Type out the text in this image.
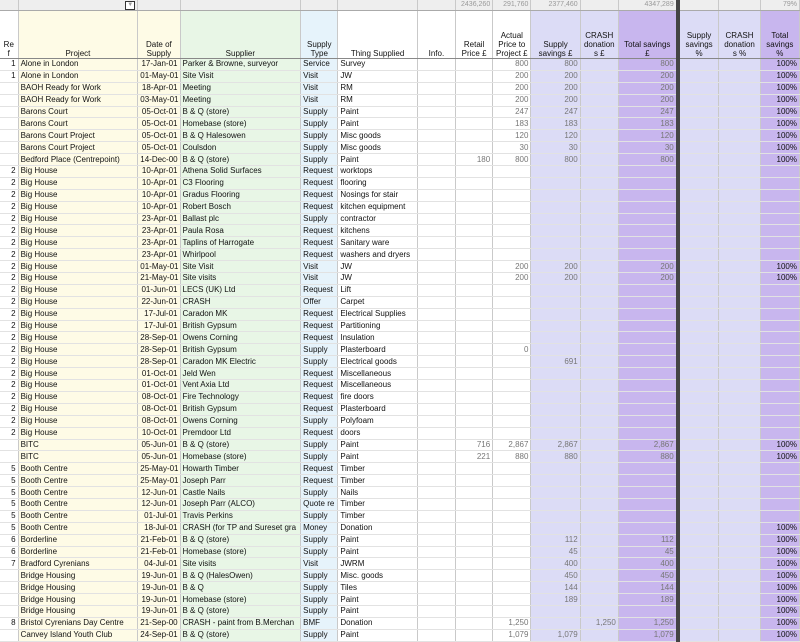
	▼						2436,260	291,760	2377,460		4347,289			79%
Re f	Project	Date of Supply	Supplier	Supply Type	Thing Supplied	Info.	Retail Price £	Actual Price to Project £	Supply savings £	CRASH donation s £	Total savings £	Supply savings %	CRASH donation s %	Total savings %
1	Alone in London	17-Jan-01	Parker & Browne, surveyor	Service	Survey			800	800		800			100%
1	Alone in London	01-May-01	Site Visit	Visit	JW			200	200		200			100%
	BAOH Ready for Work	18-Apr-01	Meeting	Visit	RM			200	200		200			100%
	BAOH Ready for Work	03-May-01	Meeting	Visit	RM			200	200		200			100%
	Barons Court	05-Oct-01	B & Q (store)	Supply	Paint			247	247		247			100%
	Barons Court	05-Oct-01	Homebase (store)	Supply	Paint			183	183		183			100%
	Barons Court Project	05-Oct-01	B & Q Halesowen	Supply	Misc goods			120	120		120			100%
	Barons Court Project	05-Oct-01	Coulsdon	Supply	Misc goods			30	30		30			100%
	Bedford Place (Centrepoint)	14-Dec-00	B & Q (store)	Supply	Paint		180	800	800		800			100%
2	Big House	10-Apr-01	Athena Solid Surfaces	Request	worktops									
2	Big House	10-Apr-01	C3 Flooring	Request	flooring									
2	Big House	10-Apr-01	Gradus Flooring	Request	Nosings for stair									
2	Big House	10-Apr-01	Robert Bosch	Request	kitchen equipment									
2	Big House	23-Apr-01	Ballast plc	Supply	contractor									
2	Big House	23-Apr-01	Paula Rosa	Request	kitchens									
2	Big House	23-Apr-01	Taplins of Harrogate	Request	Sanitary ware									
2	Big House	23-Apr-01	Whirlpool	Request	washers and dryers									
2	Big House	01-May-01	Site Visit	Visit	JW			200	200		200			100%
2	Big House	21-May-01	Site visits	Visit	JW			200	200		200			100%
2	Big House	01-Jun-01	LECS (UK) Ltd	Request	Lift									
2	Big House	22-Jun-01	CRASH	Offer	Carpet									
2	Big House	17-Jul-01	Caradon MK	Request	Electrical Supplies									
2	Big House	17-Jul-01	British Gypsum	Request	Partitioning									
2	Big House	28-Sep-01	Owens Corning	Request	Insulation									
2	Big House	28-Sep-01	British Gypsum	Supply	Plasterboard			0						
2	Big House	28-Sep-01	Caradon MK Electric	Supply	Electrical goods				691					
2	Big House	01-Oct-01	Jeld Wen	Request	Miscellaneous									
2	Big House	01-Oct-01	Vent Axia Ltd	Request	Miscellaneous									
2	Big House	08-Oct-01	Fire Technology	Request	fire doors									
2	Big House	08-Oct-01	British Gypsum	Request	Plasterboard									
2	Big House	08-Oct-01	Owens Corning	Supply	Polyfoam									
2	Big House	10-Oct-01	Premdoor Ltd	Request	doors									
	BITC	05-Jun-01	B & Q (store)	Supply	Paint		716	2,867	2,867		2,867			100%
	BITC	05-Jun-01	Homebase (store)	Supply	Paint		221	880	880		880			100%
5	Booth Centre	25-May-01	Howarth Timber	Request	Timber									
5	Booth Centre	25-May-01	Joseph Parr	Request	Timber									
5	Booth Centre	12-Jun-01	Castle Nails	Supply	Nails									
5	Booth Centre	12-Jun-01	Joseph Parr (ALCO)	Quote re	Timber									
5	Booth Centre	01-Jul-01	Travis Perkins	Supply	Timber									
5	Booth Centre	18-Jul-01	CRASH (for TP and Sureset gra	Money	Donation									100%
6	Borderline	21-Feb-01	B & Q (store)	Supply	Paint				112		112			100%
6	Borderline	21-Feb-01	Homebase (store)	Supply	Paint				45		45			100%
7	Bradford Cyrenians	04-Jul-01	Site visits	Visit	JWRM				400		400			100%
	Bridge Housing	19-Jun-01	B & Q (HalesOwen)	Supply	Misc. goods				450		450			100%
	Bridge Housing	19-Jun-01	B & Q	Supply	Tiles				144		144			100%
	Bridge Housing	19-Jun-01	Homebase (store)	Supply	Paint				189		189			100%
	Bridge Housing	19-Jun-01	B & Q (store)	Supply	Paint									100%
8	Bristol Cyrenians Day Centre	21-Sep-00	CRASH - paint from B.Merchan	BMF	Donation			1,250		1,250	1,250			100%
	Canvey Island Youth Club	24-Sep-01	B & Q (store)	Supply	Paint			1,079	1,079		1,079			100%
